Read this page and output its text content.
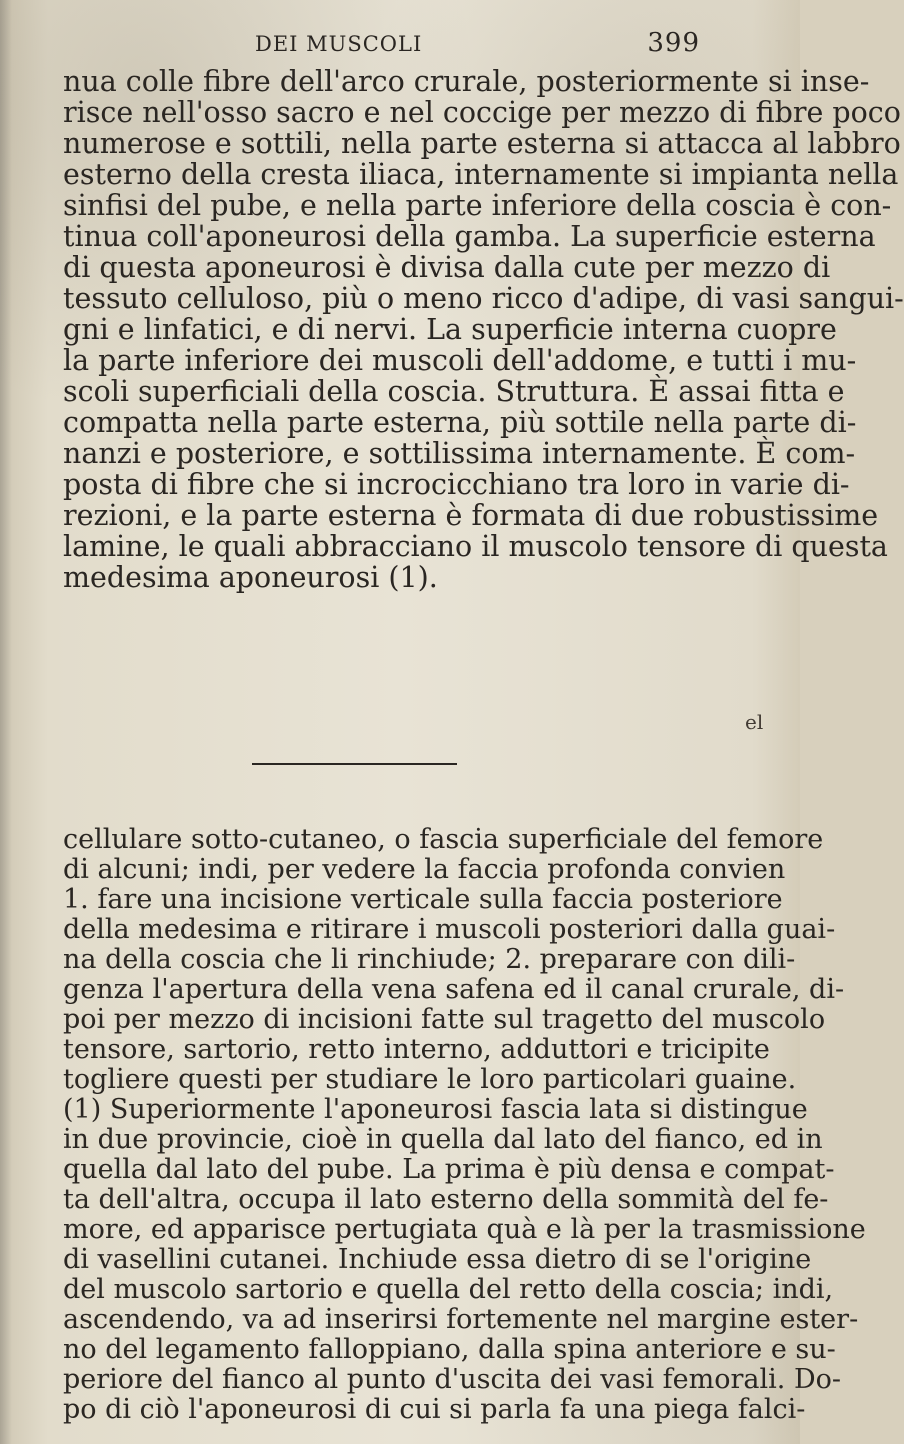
DEI MUSCOLI	399
nua colle fibre dell'arco crurale, posteriormente si inse-
risce nell'osso sacro e nel coccige per mezzo di fibre poco
numerose e sottili, nella parte esterna si attacca al labbro
esterno della cresta iliaca, internamente si impianta nella
sinfisi del pube, e nella parte inferiore della coscia è con-
tinua coll'aponeurosi della gamba. La superficie esterna
di questa aponeurosi è divisa dalla cute per mezzo di
tessuto celluloso, più o meno ricco d'adipe, di vasi sangui-
gni e linfatici, e di nervi. La superficie interna cuopre
la parte inferiore dei muscoli dell'addome, e tutti i mu-
scoli superficiali della coscia. Struttura. È assai fitta e
compatta nella parte esterna, più sottile nella parte di-
nanzi e posteriore, e sottilissima internamente. È com-
posta di fibre che si incrocicchiano tra loro in varie di-
rezioni, e la parte esterna è formata di due robustissime
lamine, le quali abbracciano il muscolo tensore di questa
medesima aponeurosi (1).
el
cellulare sotto-cutaneo, o fascia superficiale del femore
di alcuni; indi, per vedere la faccia profonda convien
1. fare una incisione verticale sulla faccia posteriore
della medesima e ritirare i muscoli posteriori dalla guai-
na della coscia che li rinchiude; 2. preparare con dili-
genza l'apertura della vena safena ed il canal crurale, di-
poi per mezzo di incisioni fatte sul tragetto del muscolo
tensore, sartorio, retto interno, adduttori e tricipite
togliere questi per studiare le loro particolari guaine.
(1) Superiormente l'aponeurosi fascia lata si distingue
in due provincie, cioè in quella dal lato del fianco, ed in
quella dal lato del pube. La prima è più densa e compat-
ta dell'altra, occupa il lato esterno della sommità del fe-
more, ed apparisce pertugiata quà e là per la trasmissione
di vasellini cutanei. Inchiude essa dietro di se l'origine
del muscolo sartorio e quella del retto della coscia; indi,
ascendendo, va ad inserirsi fortemente nel margine ester-
no del legamento falloppiano, dalla spina anteriore e su-
periore del fianco al punto d'uscita dei vasi femorali. Do-
po di ciò l'aponeurosi di cui si parla fa una piega falci-
